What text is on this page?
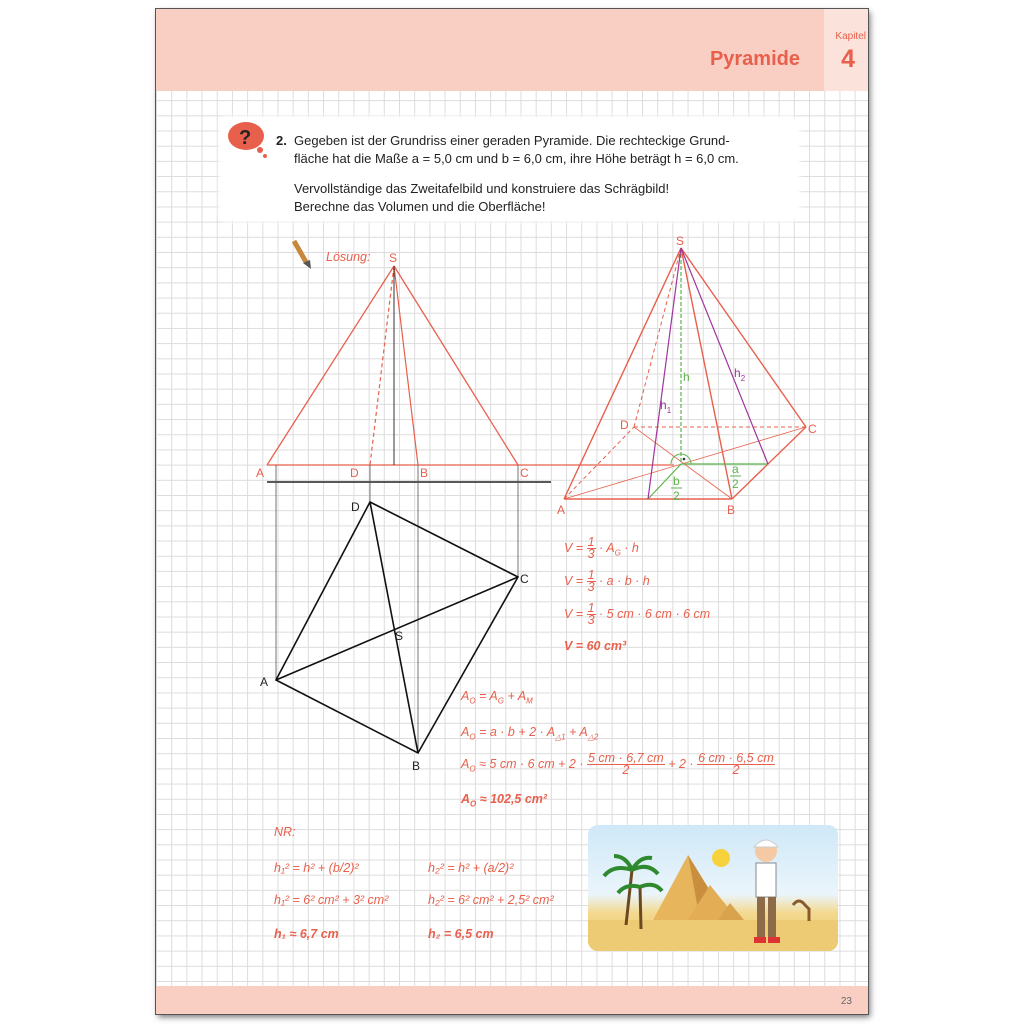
Pyramide
Kapitel
4
? 2. Gegeben ist der Grundriss einer geraden Pyramide. Die rechteckige Grund-
fläche hat die Maße a = 5,0 cm und b = 6,0 cm, ihre Höhe beträgt h = 6,0 cm.
Vervollständige das Zweitafelbild und konstruiere das Schrägbild!
Berechne das Volumen und die Oberfläche!
Lösung: S
A	D	B	C
D
C
S
A
B
S
D	C
A	B
h
$h_1$
$h_2$
b
2
a
2
$V = \frac{1}{3} \cdot A_G \cdot h$
$V = \frac{1}{3} \cdot a \cdot b \cdot h$
$V = \frac{1}{3} \cdot 5$ cm · 6 cm · 6 cm
V = 60 cm³
$A_O = A_G + A_M$
$A_O = a \cdot b + 2 \cdot A_{\triangle 1} + A_{\triangle 2}$
$A_O \approx 5$ cm · 6 cm + $2 \cdot \frac{5 cm \cdot 6,7 cm}{2} + 2 \cdot \frac{6 cm \cdot 6,5 cm}{2}$
$A_O \approx 102,5$ cm²
NR:
h₁² = h² + (b/2)²	h₂² = h² + (a/2)²
h₁² = 6² cm² + 3² cm²	h₂² = 6² cm² + 2,5² cm²
h₁ ≈ 6,7 cm	h₂ = 6,5 cm
23
